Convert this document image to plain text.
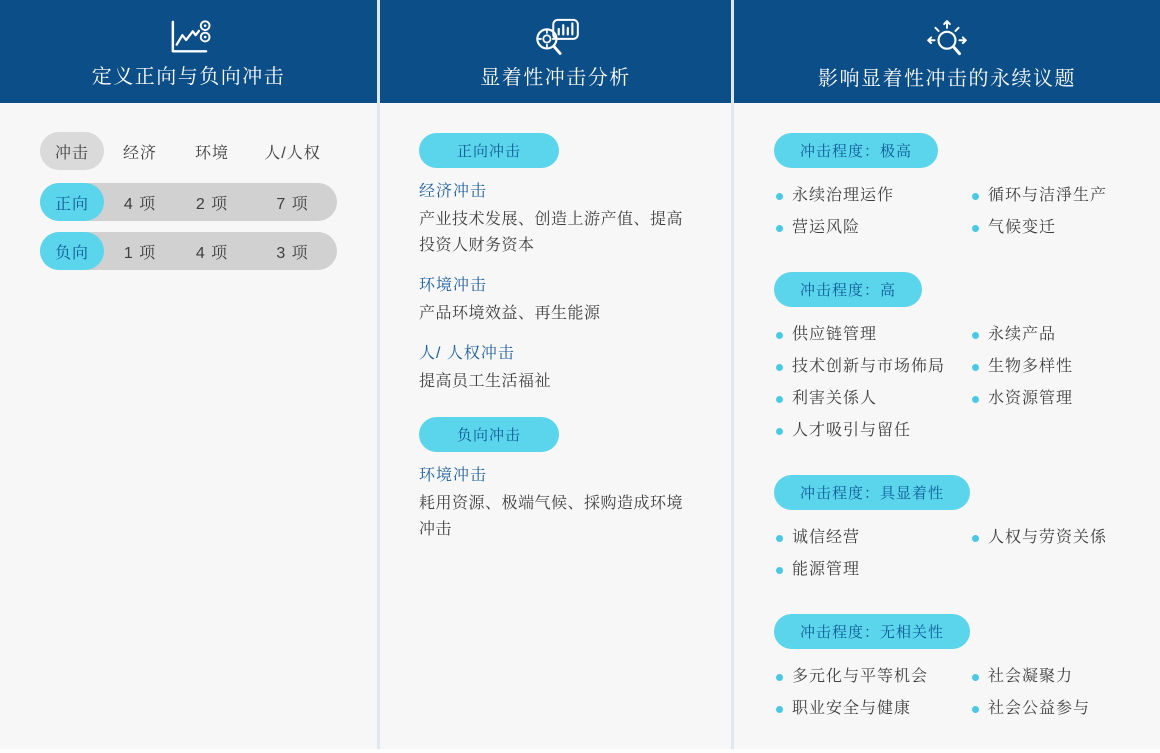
定义正向与负向冲击	显着性冲击分析	影响显着性冲击的永续议题
冲击	经济	环境	人/人权
正向	4 项	2 项	7 项
负向	1 项	4 项	3 项
正向冲击
经济冲击
产业技术发展、创造上游产值、提高投资人财务资本
环境冲击
产品环境效益、再生能源
人/ 人权冲击
提高员工生活福祉
负向冲击
环境冲击
耗用资源、极端气候、採购造成环境冲击
冲击程度：极高
永续治理运作
营运风险
循环与洁淨生产
气候变迁
冲击程度：高
供应链管理
技术创新与市场佈局
利害关係人
人才吸引与留任
永续产品
生物多样性
水资源管理
冲击程度：具显着性
诚信经营
能源管理
人权与劳资关係
冲击程度：无相关性
多元化与平等机会
职业安全与健康
社会凝聚力
社会公益参与
